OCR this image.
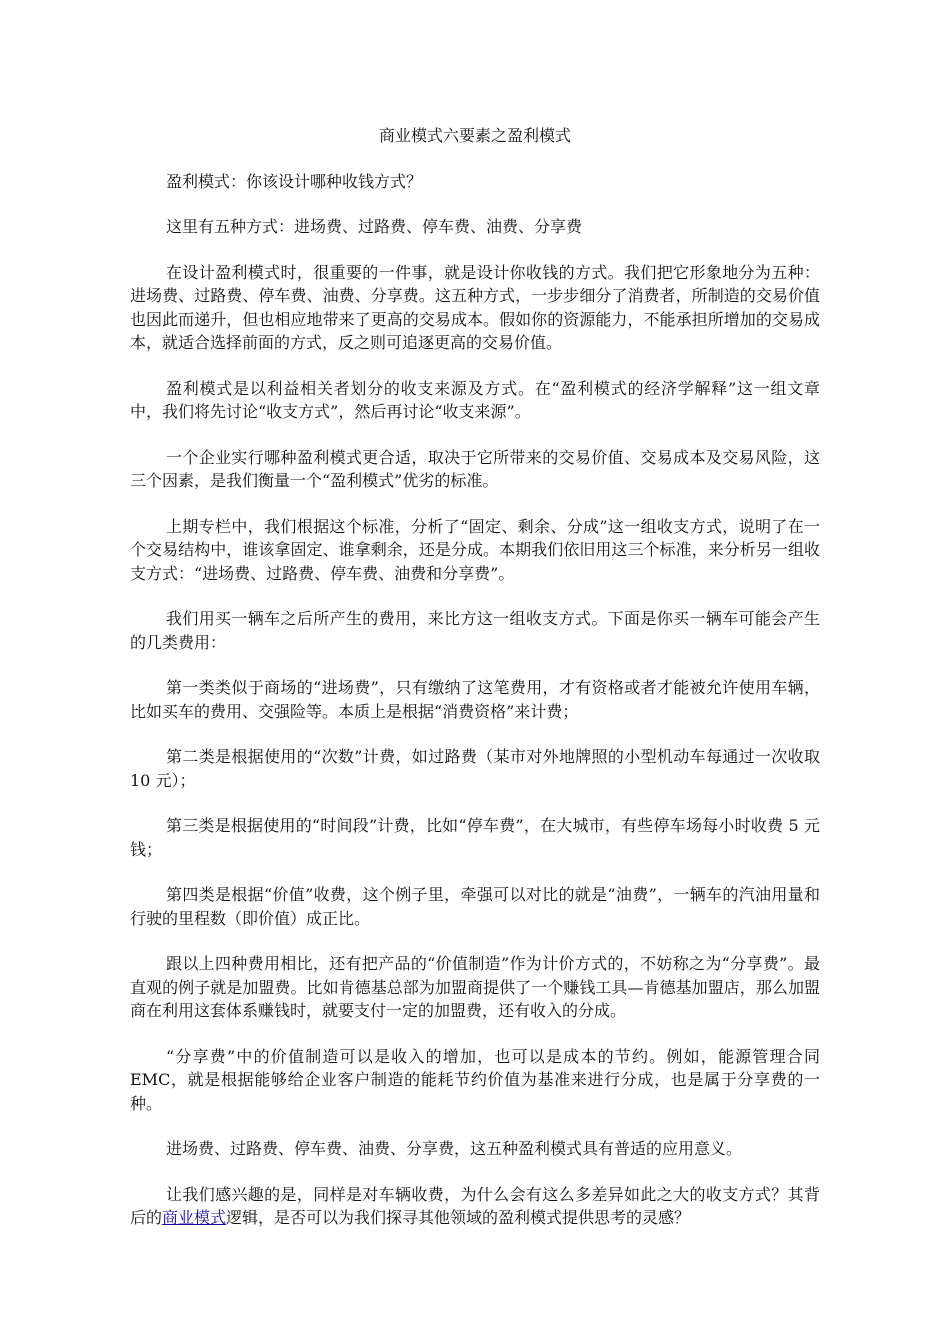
商业模式六要素之盈利模式

盈利模式：你该设计哪种收钱方式？

这里有五种方式：进场费、过路费、停车费、油费、分享费

在设计盈利模式时，很重要的一件事，就是设计你收钱的方式。我们把它形象地分为五种：进场费、过路费、停车费、油费、分享费。这五种方式，一步步细分了消费者，所制造的交易价值也因此而递升，但也相应地带来了更高的交易成本。假如你的资源能力，不能承担所增加的交易成本，就适合选择前面的方式，反之则可追逐更高的交易价值。

盈利模式是以利益相关者划分的收支来源及方式。在“盈利模式的经济学解释”这一组文章中，我们将先讨论“收支方式”，然后再讨论“收支来源”。

一个企业实行哪种盈利模式更合适，取决于它所带来的交易价值、交易成本及交易风险，这三个因素，是我们衡量一个“盈利模式”优劣的标准。

上期专栏中，我们根据这个标准，分析了“固定、剩余、分成”这一组收支方式，说明了在一个交易结构中，谁该拿固定、谁拿剩余，还是分成。本期我们依旧用这三个标准，来分析另一组收支方式：“进场费、过路费、停车费、油费和分享费”。

我们用买一辆车之后所产生的费用，来比方这一组收支方式。下面是你买一辆车可能会产生的几类费用：

第一类类似于商场的“进场费”，只有缴纳了这笔费用，才有资格或者才能被允许使用车辆，比如买车的费用、交强险等。本质上是根据“消费资格”来计费；

第二类是根据使用的“次数”计费，如过路费（某市对外地牌照的小型机动车每通过一次收取 10 元）；

第三类是根据使用的“时间段”计费，比如“停车费”，在大城市，有些停车场每小时收费 5 元钱；

第四类是根据“价值”收费，这个例子里，牵强可以对比的就是“油费”，一辆车的汽油用量和行驶的里程数（即价值）成正比。

跟以上四种费用相比，还有把产品的“价值制造”作为计价方式的，不妨称之为“分享费”。最直观的例子就是加盟费。比如肯德基总部为加盟商提供了一个赚钱工具—肯德基加盟店，那么加盟商在利用这套体系赚钱时，就要支付一定的加盟费，还有收入的分成。

“分享费”中的价值制造可以是收入的增加，也可以是成本的节约。例如，能源管理合同 EMC，就是根据能够给企业客户制造的能耗节约价值为基准来进行分成，也是属于分享费的一种。

进场费、过路费、停车费、油费、分享费，这五种盈利模式具有普适的应用意义。

让我们感兴趣的是，同样是对车辆收费，为什么会有这么多差异如此之大的收支方式？其背后的商业模式逻辑，是否可以为我们探寻其他领域的盈利模式提供思考的灵感？
